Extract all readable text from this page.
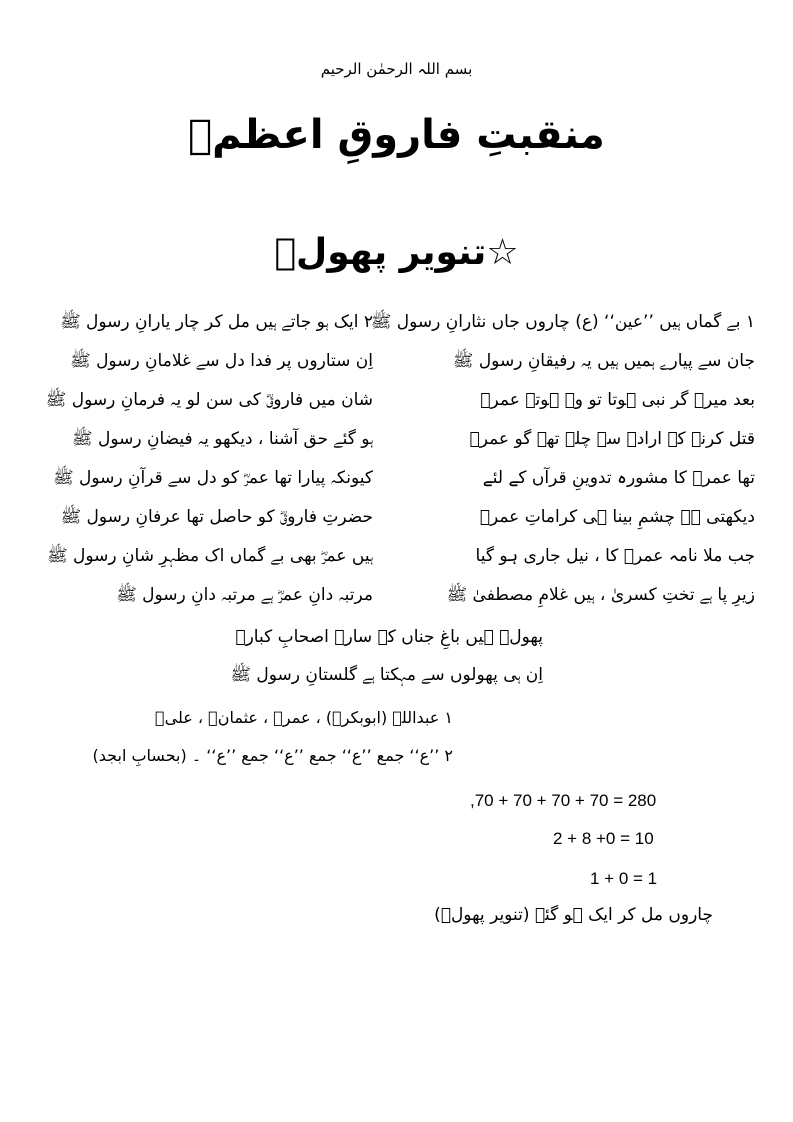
بسم اللہ الرحمٰن الرحیم
منقبتِ فاروقِ اعظمؓ
☆تنویر پھولؔ
۱ بے گماں ہیں ’’عین‘‘ (ع) چاروں جاں نثارانِ رسول ﷺ
۲ ایک ہو جاتے ہیں مل کر چار یارانِ رسول ﷺ
جان سے پیارے ہمیں ہیں یہ رفیقانِ رسول ﷺ
اِن ستاروں پر فدا دل سے غلامانِ رسول ﷺ
بعد میرے گر نبی ہوتا تو وہ ہوتے عمرؓ
شان میں فاروقؓ کی سن لو یہ فرمانِ رسول ﷺ
قتل کرنے کے ارادے سے چلے تھے گو عمرؓ
ہو گئے حق آشنا ، دیکھو یہ فیضانِ رسول ﷺ
تھا عمرؓ کا مشورہ تدوینِ قرآں کے لئے
کیونکہ پیارا تھا عمرؓ کو دل سے قرآنِ رسول ﷺ
دیکھتی ہے چشمِ بینا ہی کراماتِ عمرؓ
حضرتِ فاروقؓ کو حاصل تھا عرفانِ رسول ﷺ
جب ملا نامہ عمرؓ کا ، نیل جاری ہو گیا
ہیں عمرؓ بھی بے گماں اک مظہرِ شانِ رسول ﷺ
زیرِ پا ہے تختِ کسریٰ ، ہیں غلامِ مصطفیٰ ﷺ
مرتبہ دانِ عمرؓ ہے مرتبہ دانِ رسول ﷺ
پھولؔ ہیں باغِ جناں کے سارے اصحابِ کبارؓ
اِن ہی پھولوں سے مہکتا ہے گلستانِ رسول ﷺ
۱ عبداللہ (ابوبکرؓ) ، عمرؓ ، عثمانؓ ، علیؓ
۲ ’’ع‘‘ جمع ’’ع‘‘ جمع ’’ع‘‘ جمع ’’ع‘‘ ۔ (بحسابِ ابجد)
,70 + 70 + 70 + 70 = 280
2 + 8 +0 = 10
1 + 0 = 1
چاروں مل کر ایک ہو گئے (تنویر پھولؔ)
